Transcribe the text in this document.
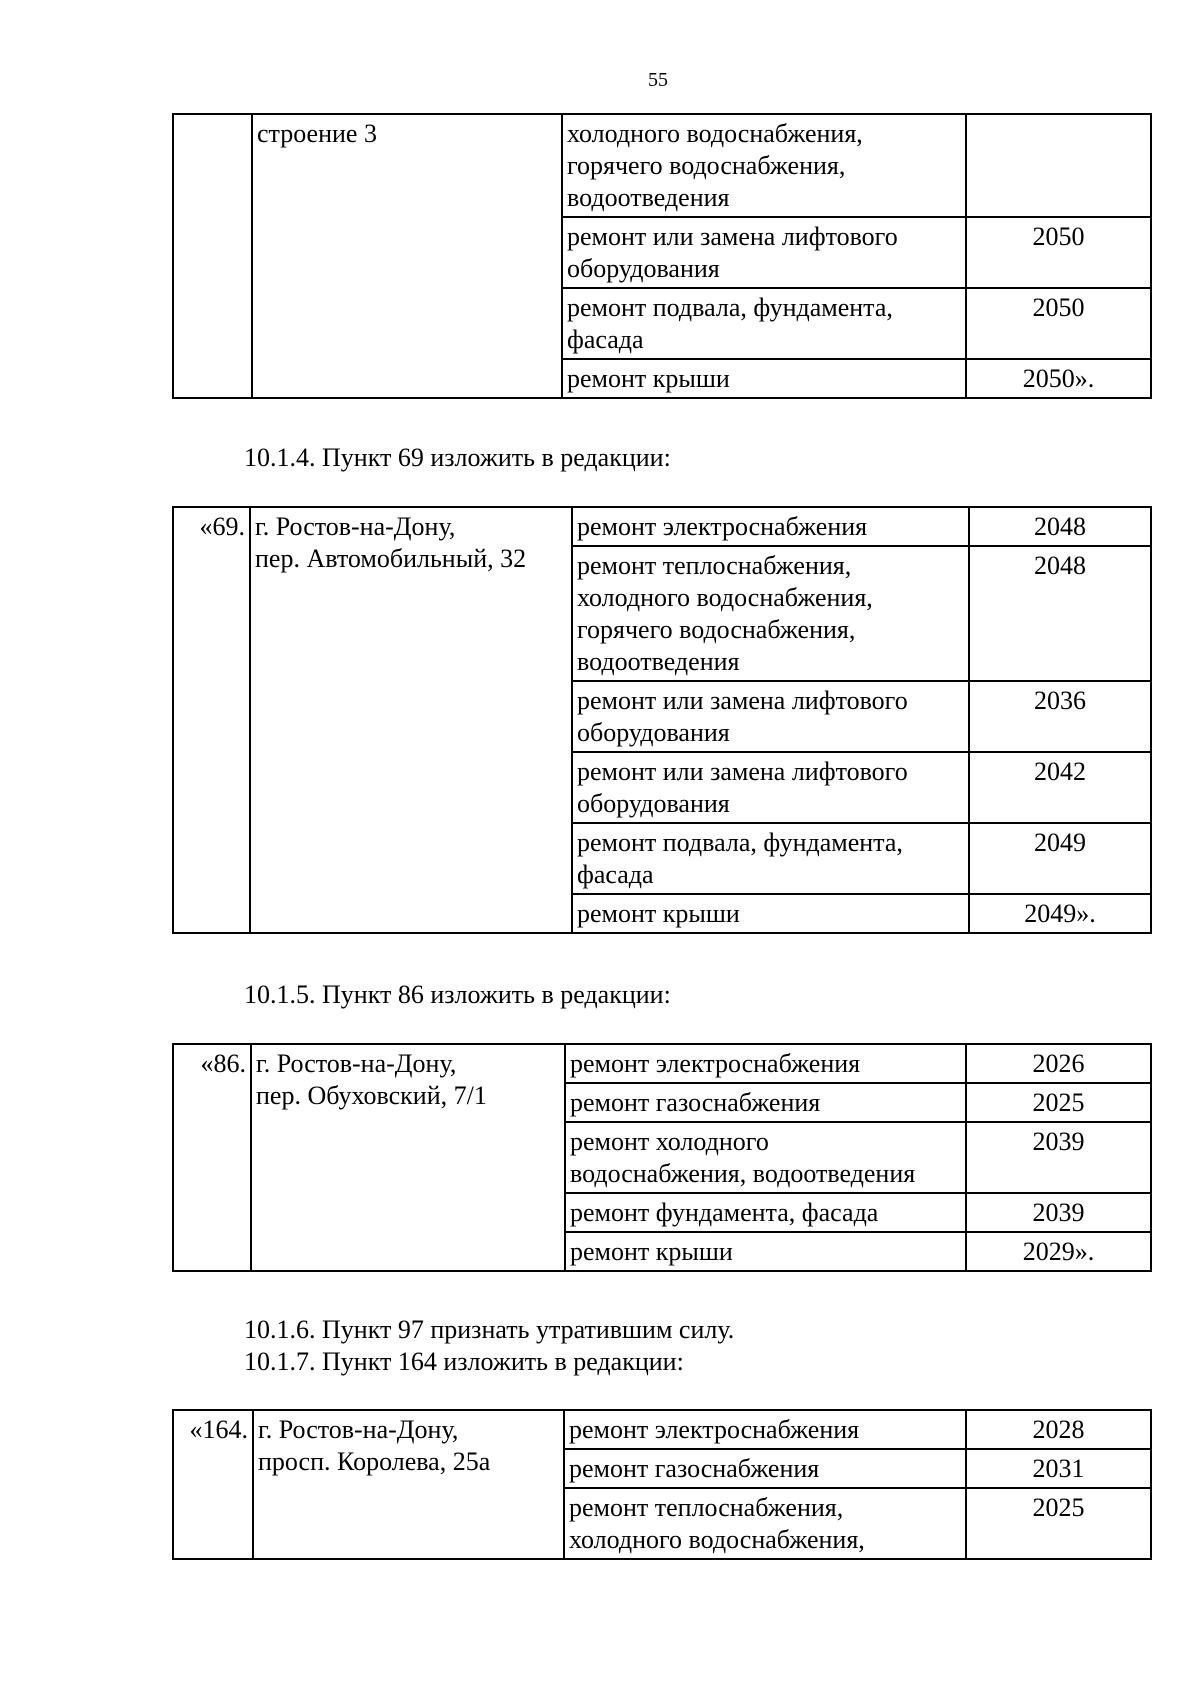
55

	строение 3	холодного водоснабжения,
горячего водоснабжения,
водоотведения	

		ремонт или замена лифтового
оборудования	2050

		ремонт подвала, фундамента,
фасада	2050

		ремонт крыши	2050».
10.1.4. Пункт 69 изложить в редакции:
«69.	г. Ростов-на-Дону,
пер. Автомобильный, 32	ремонт электроснабжения	2048

		ремонт теплоснабжения,
холодного водоснабжения,
горячего водоснабжения,
водоотведения	2048

		ремонт или замена лифтового
оборудования	2036

		ремонт или замена лифтового
оборудования	2042

		ремонт подвала, фундамента,
фасада	2049

		ремонт крыши	2049».
10.1.5. Пункт 86 изложить в редакции:
«86.	г. Ростов-на-Дону,
пер. Обуховский, 7/1	ремонт электроснабжения	2026

		ремонт газоснабжения	2025

		ремонт холодного
водоснабжения, водоотведения	2039

		ремонт фундамента, фасада	2039

		ремонт крыши	2029».
10.1.6. Пункт 97 признать утратившим силу.
10.1.7. Пункт 164 изложить в редакции:
«164.	г. Ростов-на-Дону,
просп. Королева, 25а	ремонт электроснабжения	2028

		ремонт газоснабжения	2031

		ремонт теплоснабжения,
холодного водоснабжения,	2025
